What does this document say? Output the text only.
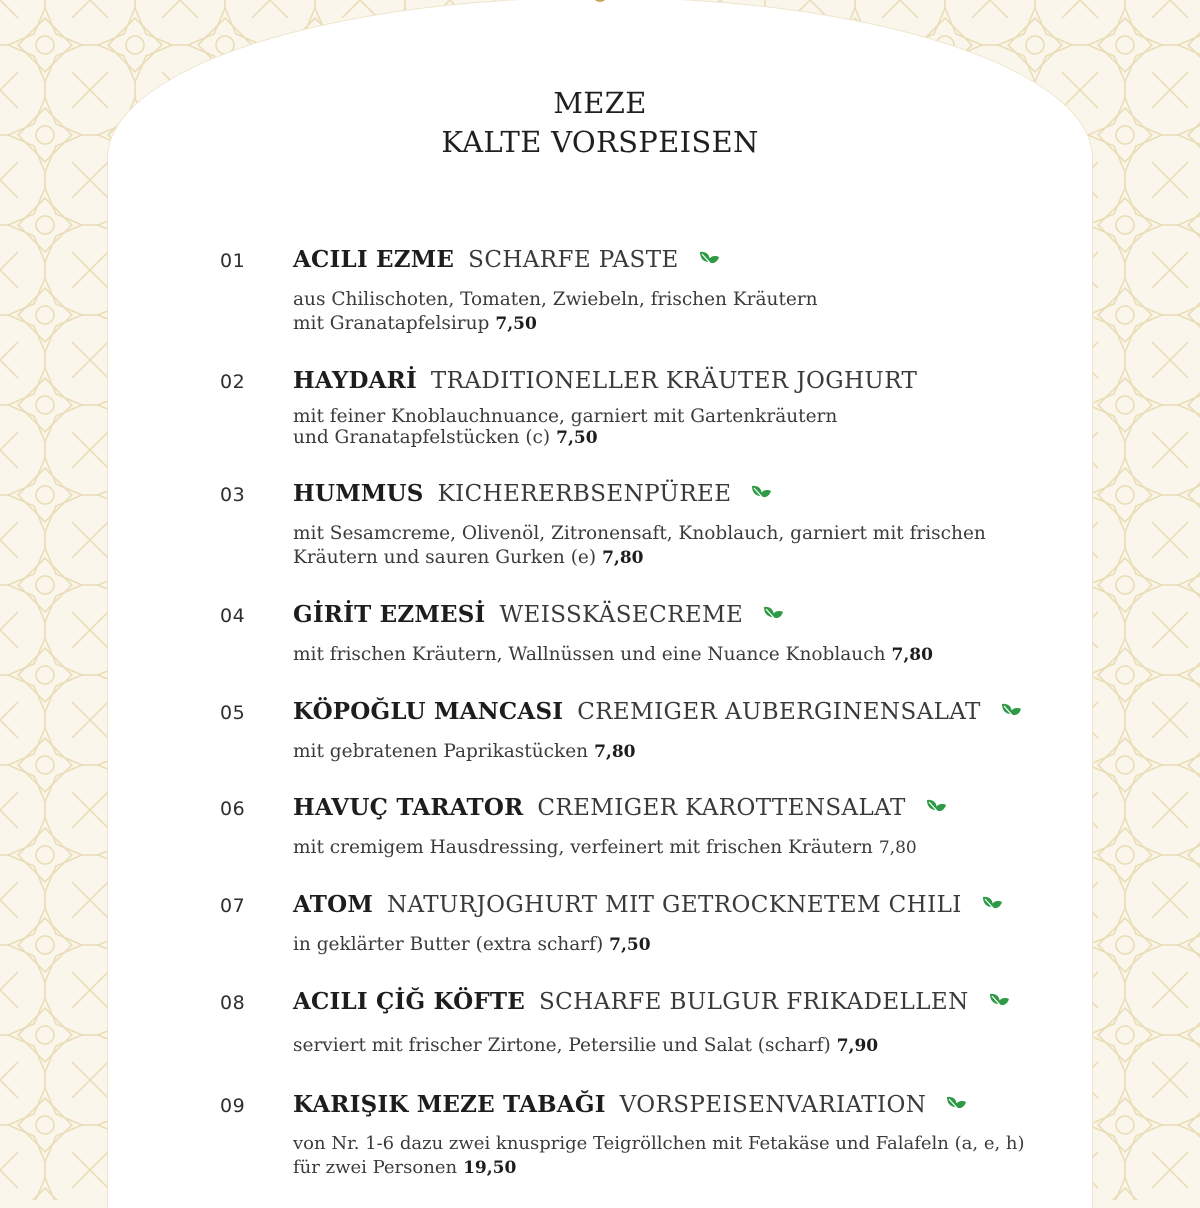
MEZE
KALTE VORSPEISEN
01 ACILI EZME SCHARFE PASTE
aus Chilischoten, Tomaten, Zwiebeln, frischen Kräutern
mit Granatapfelsirup 7,50
02 HAYDARİ TRADITIONELLER KRÄUTER JOGHURT
mit feiner Knoblauchnuance, garniert mit Gartenkräutern
und Granatapfelstücken (c) 7,50
03 HUMMUS KICHERERBSENPÜREE
mit Sesamcreme, Olivenöl, Zitronensaft, Knoblauch, garniert mit frischen
Kräutern und sauren Gurken (e) 7,80
04 GİRİT EZMESİ WEISSKÄSECREME
mit frischen Kräutern, Wallnüssen und eine Nuance Knoblauch 7,80
05 KÖPOĞLU MANCASI CREMIGER AUBERGINENSALAT
mit gebratenen Paprikastücken 7,80
06 HAVUÇ TARATOR CREMIGER KAROTTENSALAT
mit cremigem Hausdressing, verfeinert mit frischen Kräutern 7,80
07 ATOM NATURJOGHURT MIT GETROCKNETEM CHILI
in geklärter Butter (extra scharf) 7,50
08 ACILI ÇİĞ KÖFTE SCHARFE BULGUR FRIKADELLEN
serviert mit frischer Zirtone, Petersilie und Salat (scharf) 7,90
09 KARIŞIK MEZE TABAĞI VORSPEISENVARIATION
von Nr. 1-6 dazu zwei knusprige Teigröllchen mit Fetakäse und Falafeln (a, e, h)
für zwei Personen 19,50
